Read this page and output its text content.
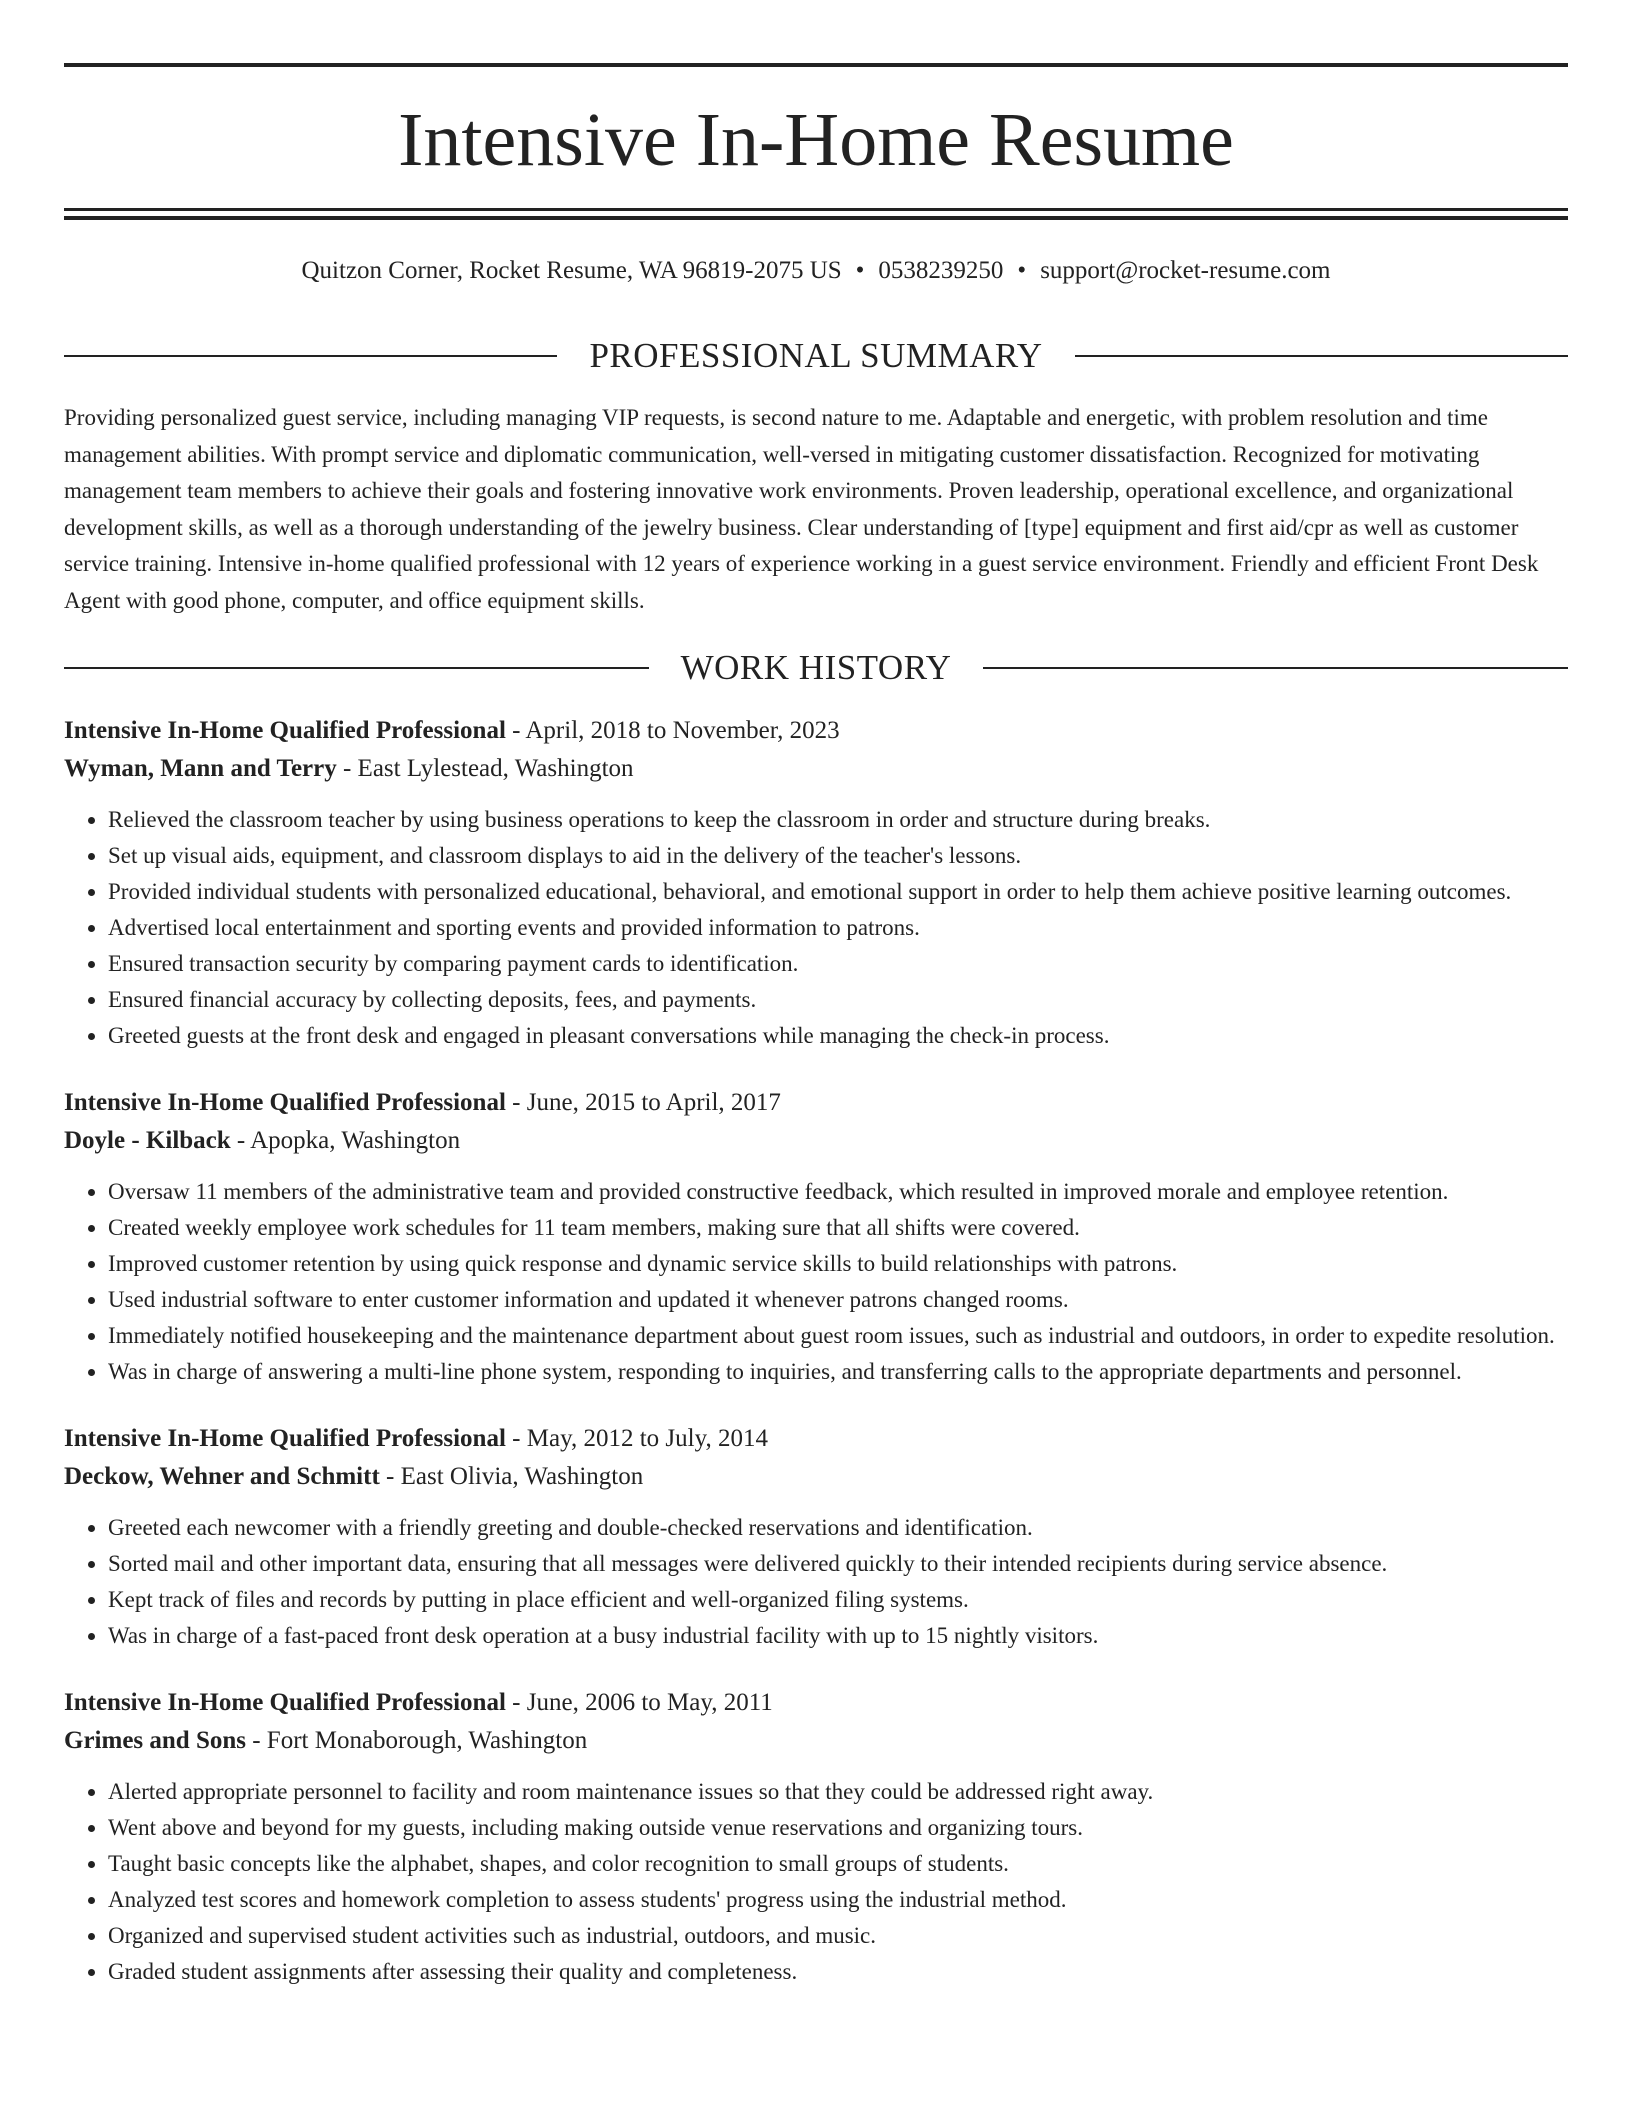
Intensive In-Home Resume
Quitzon Corner, Rocket Resume, WA 96819-2075 US • 0538239250 • support@rocket-resume.com
PROFESSIONAL SUMMARY

Providing personalized guest service, including managing VIP requests, is second nature to me. Adaptable and energetic, with problem resolution and time management abilities. With prompt service and diplomatic communication, well-versed in mitigating customer dissatisfaction. Recognized for motivating management team members to achieve their goals and fostering innovative work environments. Proven leadership, operational excellence, and organizational development skills, as well as a thorough understanding of the jewelry business. Clear understanding of [type] equipment and first aid/cpr as well as customer service training. Intensive in-home qualified professional with 12 years of experience working in a guest service environment. Friendly and efficient Front Desk Agent with good phone, computer, and office equipment skills.

WORK HISTORY

Intensive In-Home Qualified Professional - April, 2018 to November, 2023

Wyman, Mann and Terry - East Lylestead, Washington

• Relieved the classroom teacher by using business operations to keep the classroom in order and structure during breaks.
• Set up visual aids, equipment, and classroom displays to aid in the delivery of the teacher's lessons.
• Provided individual students with personalized educational, behavioral, and emotional support in order to help them achieve positive learning outcomes.
• Advertised local entertainment and sporting events and provided information to patrons.
• Ensured transaction security by comparing payment cards to identification.
• Ensured financial accuracy by collecting deposits, fees, and payments.
• Greeted guests at the front desk and engaged in pleasant conversations while managing the check-in process.

Intensive In-Home Qualified Professional - June, 2015 to April, 2017

Doyle - Kilback - Apopka, Washington

• Oversaw 11 members of the administrative team and provided constructive feedback, which resulted in improved morale and employee retention.
• Created weekly employee work schedules for 11 team members, making sure that all shifts were covered.
• Improved customer retention by using quick response and dynamic service skills to build relationships with patrons.
• Used industrial software to enter customer information and updated it whenever patrons changed rooms.
• Immediately notified housekeeping and the maintenance department about guest room issues, such as industrial and outdoors, in order to expedite resolution.
• Was in charge of answering a multi-line phone system, responding to inquiries, and transferring calls to the appropriate departments and personnel.

Intensive In-Home Qualified Professional - May, 2012 to July, 2014

Deckow, Wehner and Schmitt - East Olivia, Washington

• Greeted each newcomer with a friendly greeting and double-checked reservations and identification.
• Sorted mail and other important data, ensuring that all messages were delivered quickly to their intended recipients during service absence.
• Kept track of files and records by putting in place efficient and well-organized filing systems.
• Was in charge of a fast-paced front desk operation at a busy industrial facility with up to 15 nightly visitors.

Intensive In-Home Qualified Professional - June, 2006 to May, 2011

Grimes and Sons - Fort Monaborough, Washington

• Alerted appropriate personnel to facility and room maintenance issues so that they could be addressed right away.
• Went above and beyond for my guests, including making outside venue reservations and organizing tours.
• Taught basic concepts like the alphabet, shapes, and color recognition to small groups of students.
• Analyzed test scores and homework completion to assess students' progress using the industrial method.
• Organized and supervised student activities such as industrial, outdoors, and music.
• Graded student assignments after assessing their quality and completeness.
